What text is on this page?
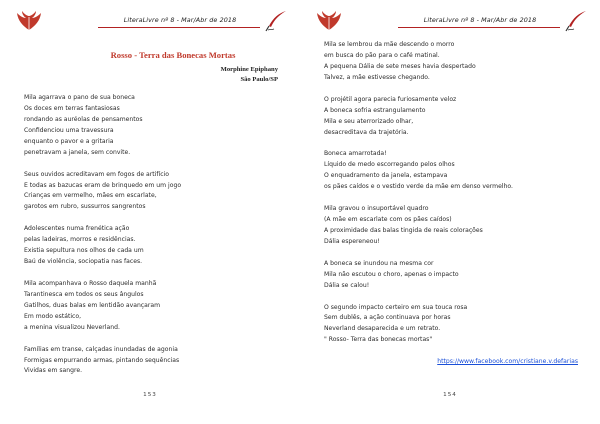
LiteraLivre nº 8 - Mar/Abr de 2018
Rosso - Terra das Bonecas Mortas
Morphine Epiphany
São Paulo/SP
Mila agarrava o pano de sua boneca
Os doces em terras fantasiosas
rondando as auréolas de pensamentos
Confidenciou uma travessura
enquanto o pavor e a gritaria
penetravam a janela, sem convite.
Seus ouvidos acreditavam em fogos de artifício
E todas as bazucas eram de brinquedo em um jogo
Crianças em vermelho, mães em escarlate,
garotos em rubro, sussurros sangrentos
Adolescentes numa frenética ação
pelas ladeiras, morros e residências.
Existia sepultura nos olhos de cada um
Baú de violência, sociopatia nas faces.
Mila acompanhava o Rosso daquela manhã
Tarantinesca em todos os seus ângulos
Gatilhos, duas balas em lentidão avançaram
Em modo estático,
a menina visualizou Neverland.
Famílias em transe, calçadas inundadas de agonia
Formigas empurrando armas, pintando sequências
Vividas em sangre.
153
LiteraLivre nº 8 - Mar/Abr de 2018
Mila se lembrou da mãe descendo o morro
em busca do pão para o café matinal.
A pequena Dália de sete meses havia despertado
Talvez, a mãe estivesse chegando.
O projétil agora parecia furiosamente veloz
A boneca sofria estrangulamento
Mila e seu aterrorizado olhar,
desacreditava da trajetória.
Boneca amarrotada!
Líquido de medo escorregando pelos olhos
O enquadramento da janela, estampava
os pães caídos e o vestido verde da mãe em denso vermelho.
Mila gravou o insuportável quadro
(A mãe em escarlate com os pães caídos)
A proximidade das balas tingida de reais colorações
Dália espereneou!
A boneca se inundou na mesma cor
Mila não escutou o choro, apenas o impacto
Dália se calou!
O segundo impacto certeiro em sua touca rosa
Sem dublês, a ação continuava por horas
Neverland desaparecida e um retrato.
" Rosso- Terra das bonecas mortas"
https://www.facebook.com/cristiane.v.defarias
154
